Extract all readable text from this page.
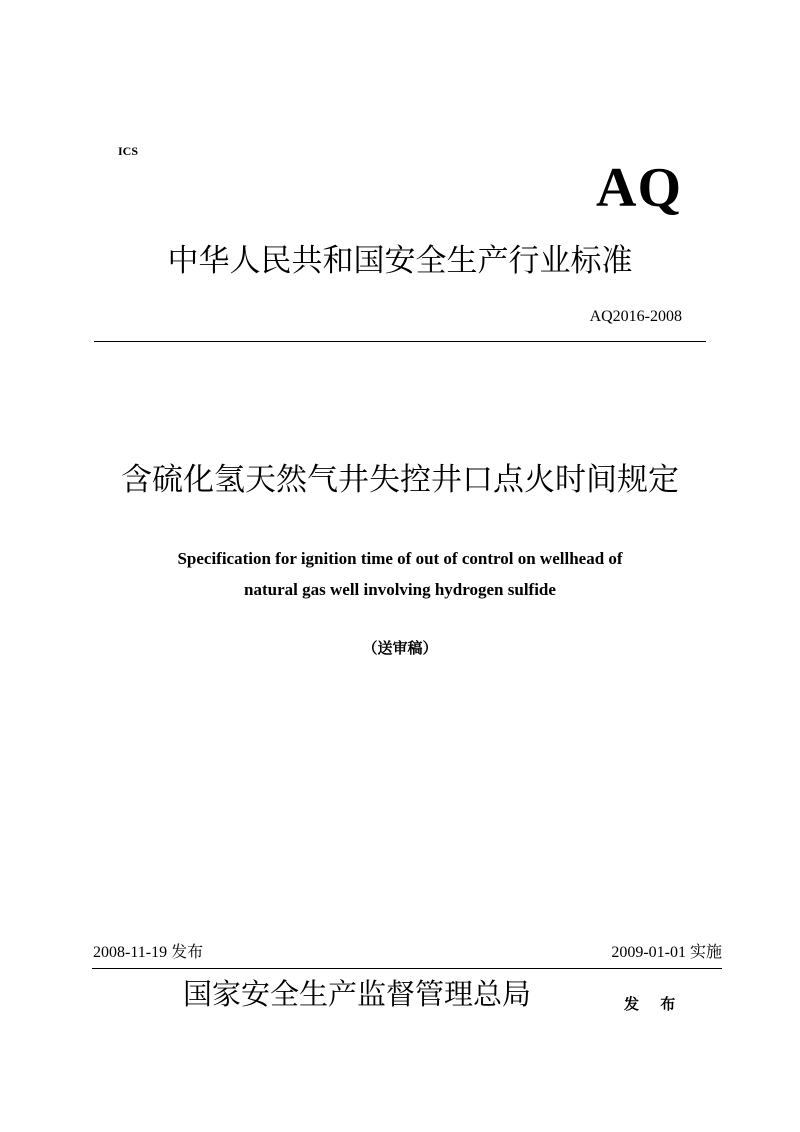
ICS
AQ
中华人民共和国安全生产行业标准
AQ2016-2008
含硫化氢天然气井失控井口点火时间规定
Specification for ignition time of out of control on wellhead of
natural gas well involving hydrogen sulfide
（送审稿）
2008-11-19 发布	2009-01-01 实施
国家安全生产监督管理总局	发 布
